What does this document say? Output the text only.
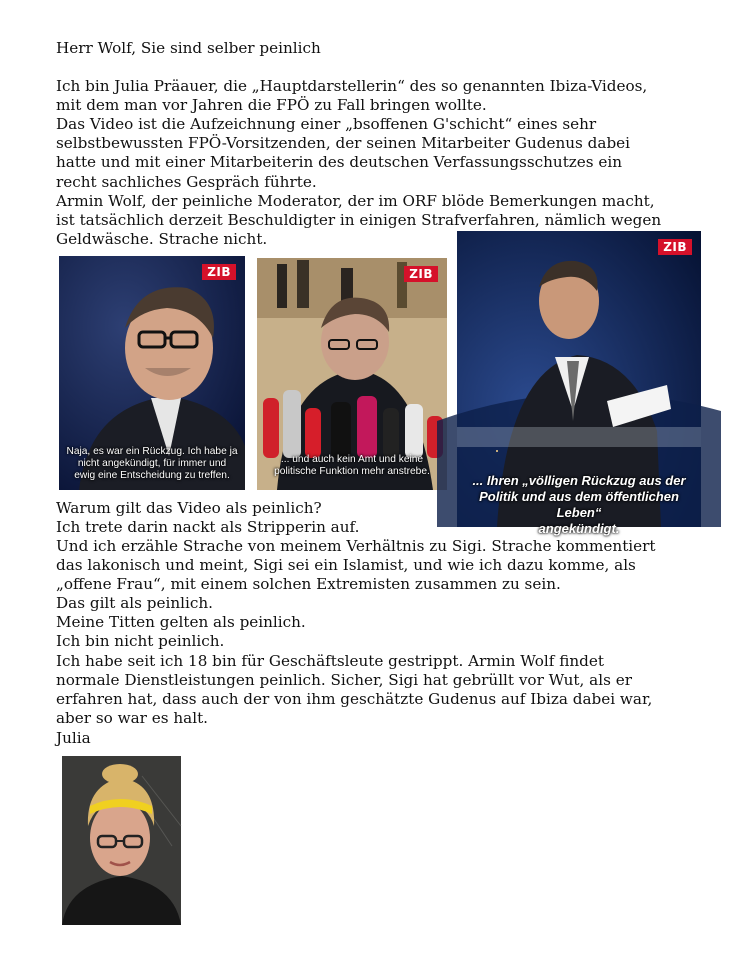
Herr Wolf, Sie sind selber peinlich
Ich bin Julia Präauer, die „Hauptdarstellerin“ des so genannten Ibiza-Videos,
mit dem man vor Jahren die FPÖ zu Fall bringen wollte.
Das Video ist die Aufzeichnung einer „bsoffenen G'schicht“ eines sehr
selbstbewussten FPÖ-Vorsitzenden, der seinen Mitarbeiter Gudenus dabei
hatte und mit einer Mitarbeiterin des deutschen Verfassungsschutzes ein
recht sachliches Gespräch führte.
Armin Wolf, der peinliche Moderator, der im ORF blöde Bemerkungen macht,
ist tatsächlich derzeit Beschuldigter in einigen Strafverfahren, nämlich wegen
Geldwäsche. Strache nicht.
ZIB
Naja, es war ein Rückzug. Ich habe ja
nicht angekündigt, für immer und
ewig eine Entscheidung zu treffen.
ZIB
... und auch kein Amt und keine
politische Funktion mehr anstrebe.
ZIB
... Ihren „völligen Rückzug aus der
Politik und aus dem öffentlichen Leben“
angekündigt.
Warum gilt das Video als peinlich?
Ich trete darin nackt als Stripperin auf.
Und ich erzähle Strache von meinem Verhältnis zu Sigi. Strache kommentiert
das lakonisch und meint, Sigi sei ein Islamist, und wie ich dazu komme, als
„offene Frau“, mit einem solchen Extremisten zusammen zu sein.
Das gilt als peinlich.
Meine Titten gelten als peinlich.
Ich bin nicht peinlich.
Ich habe seit ich 18 bin für Geschäftsleute gestrippt. Armin Wolf findet
normale Dienstleistungen peinlich. Sicher, Sigi hat gebrüllt vor Wut, als er
erfahren hat, dass auch der von ihm geschätzte Gudenus auf Ibiza dabei war,
aber so war es halt.
Julia
